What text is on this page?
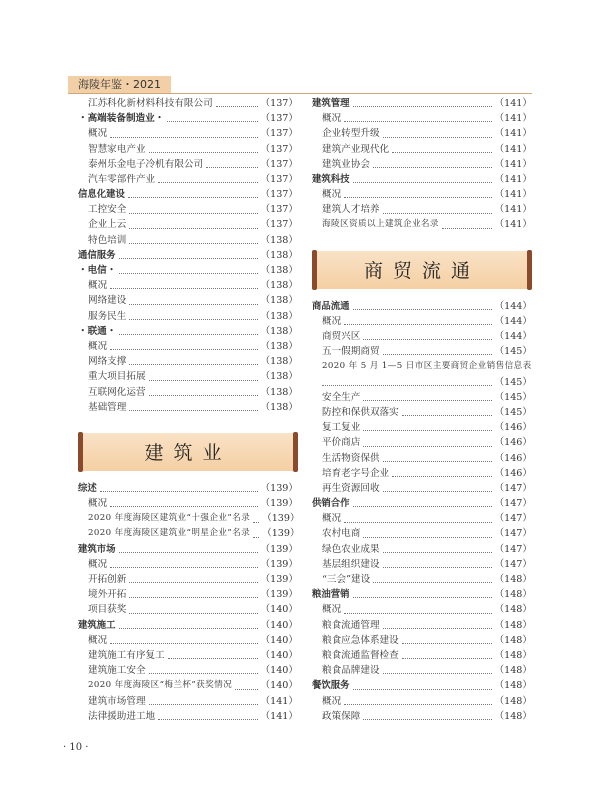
海陵年鉴・2021
江苏科化新材料科技有限公司	（137）
・高端装备制造业・	（137）
概况	（137）
智慧家电产业	（137）
泰州乐金电子冷机有限公司	（137）
汽车零部件产业	（137）
信息化建设	（137）
工控安全	（137）
企业上云	（137）
特色培训	（138）
通信服务	（138）
・电信・	（138）
概况	（138）
网络建设	（138）
服务民生	（138）
・联通・	（138）
概况	（138）
网络支撑	（138）
重大项目拓展	（138）
互联网化运营	（138）
基础管理	（138）
建筑业
综述	（139）
概况	（139）
2020 年度海陵区建筑业“十强企业”名录 （139）
2020 年度海陵区建筑业“明星企业”名录 （139）
建筑市场	（139）
概况	（139）
开拓创新	（139）
境外开拓	（139）
项目获奖	（140）
建筑施工	（140）
概况	（140）
建筑施工有序复工	（140）
建筑施工安全	（140）
2020 年度海陵区“梅兰杯”获奖情况	（140）
建筑市场管理	（141）
法律援助进工地	（141）
建筑管理	（141）
概况	（141）
企业转型升级	（141）
建筑产业现代化	（141）
建筑业协会	（141）
建筑科技	（141）
概况	（141）
建筑人才培养	（141）
海陵区资质以上建筑企业名录	（141）
商贸流通
商品流通	（144）
概况	（144）
商贸兴区	（144）
五一假期商贸	（145）
2020 年 5 月 1—5 日市区主要商贸企业销售信息表
（145）
安全生产	（145）
防控和保供双落实	（145）
复工复业	（146）
平价商店	（146）
生活物资保供	（146）
培育老字号企业	（146）
再生资源回收	（147）
供销合作	（147）
概况	（147）
农村电商	（147）
绿色农业成果	（147）
基层组织建设	（147）
“三会”建设	（148）
粮油营销	（148）
概况	（148）
粮食流通管理	（148）
粮食应急体系建设	（148）
粮食流通监督检查	（148）
粮食品牌建设	（148）
餐饮服务	（148）
概况	（148）
政策保障	（148）
· 10 ·
